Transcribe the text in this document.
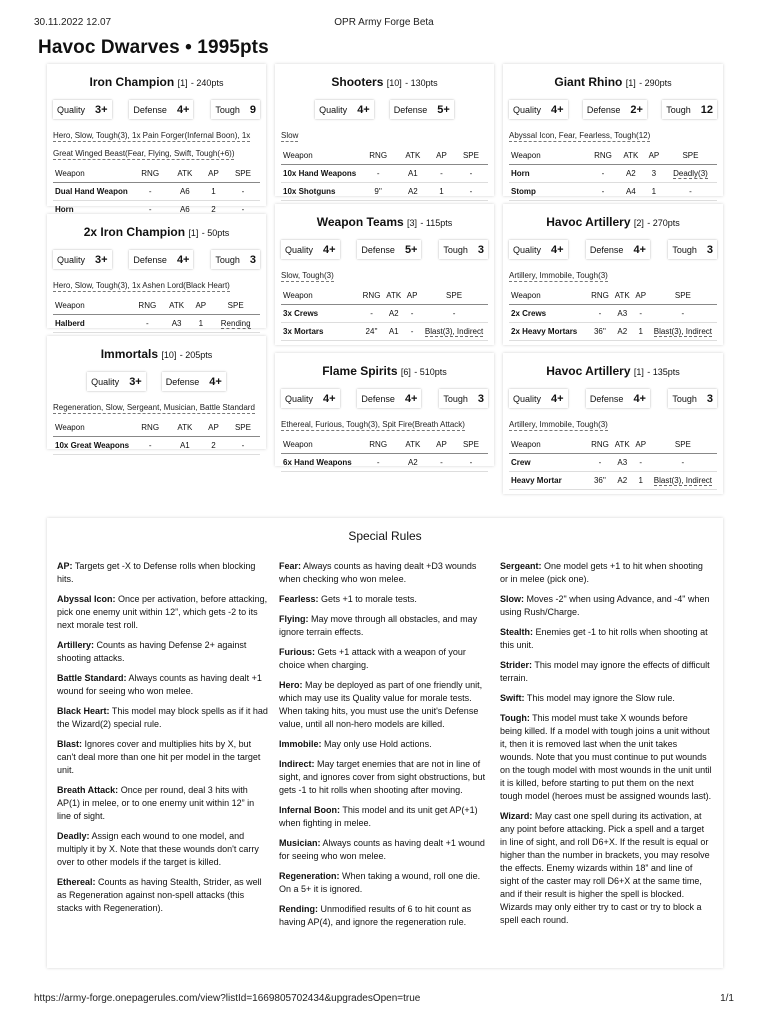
30.11.2022 12.07	OPR Army Forge Beta
Havoc Dwarves • 1995pts
Iron Champion [1] - 240pts
Quality 3+	Defense 4+	Tough 9
Hero, Slow, Tough(3), 1x Pain Forger(Infernal Boon), 1x Great Winged Beast(Fear, Flying, Swift, Tough(+6))
Weapon	RNG	ATK	AP	SPE
Dual Hand Weapon	-	A6	1	-
Horn	-	A6	2	-
2x Iron Champion [1] - 50pts
Quality 3+	Defense 4+	Tough 3
Hero, Slow, Tough(3), 1x Ashen Lord(Black Heart)
Weapon	RNG	ATK	AP	SPE
Halberd	-	A3	1	Rending
Immortals [10] - 205pts
Quality 3+	Defense 4+
Regeneration, Slow, Sergeant, Musician, Battle Standard
Weapon	RNG	ATK	AP	SPE
10x Great Weapons	-	A1	2	-
Shooters [10] - 130pts
Quality 4+	Defense 5+
Slow
Weapon	RNG	ATK	AP	SPE
10x Hand Weapons	-	A1	-	-
10x Shotguns	9''	A2	1	-
Weapon Teams [3] - 115pts
Quality 4+	Defense 5+	Tough 3
Slow, Tough(3)
Weapon	RNG	ATK	AP	SPE
3x Crews	-	A2	-	-
3x Mortars	24''	A1	-	Blast(3), Indirect
Flame Spirits [6] - 510pts
Quality 4+	Defense 4+	Tough 3
Ethereal, Furious, Tough(3), Spit Fire(Breath Attack)
Weapon	RNG	ATK	AP	SPE
6x Hand Weapons	-	A2	-	-
Giant Rhino [1] - 290pts
Quality 4+	Defense 2+	Tough 12
Abyssal Icon, Fear, Fearless, Tough(12)
Weapon	RNG	ATK	AP	SPE
Horn	-	A2	3	Deadly(3)
Stomp	-	A4	1	-
Havoc Artillery [2] - 270pts
Quality 4+	Defense 4+	Tough 3
Artillery, Immobile, Tough(3)
Weapon	RNG	ATK	AP	SPE
2x Crews	-	A3	-	-
2x Heavy Mortars	36''	A2	1	Blast(3), Indirect
Havoc Artillery [1] - 135pts
Quality 4+	Defense 4+	Tough 3
Artillery, Immobile, Tough(3)
Weapon	RNG	ATK	AP	SPE
Crew	-	A3	-	-
Heavy Mortar	36''	A2	1	Blast(3), Indirect
Special Rules

AP: Targets get -X to Defense rolls when blocking hits.

Abyssal Icon: Once per activation, before attacking, pick one enemy unit within 12”, which gets -2 to its next morale test roll.

Artillery: Counts as having Defense 2+ against shooting attacks.

Battle Standard: Always counts as having dealt +1 wound for seeing who won melee.

Black Heart: This model may block spells as if it had the Wizard(2) special rule.

Blast: Ignores cover and multiplies hits by X, but can't deal more than one hit per model in the target unit.

Breath Attack: Once per round, deal 3 hits with AP(1) in melee, or to one enemy unit within 12” in line of sight.

Deadly: Assign each wound to one model, and multiply it by X. Note that these wounds don't carry over to other models if the target is killed.

Ethereal: Counts as having Stealth, Strider, as well as Regeneration against non-spell attacks (this stacks with Regeneration).

Fear: Always counts as having dealt +D3 wounds when checking who won melee.

Fearless: Gets +1 to morale tests.

Flying: May move through all obstacles, and may ignore terrain effects.

Furious: Gets +1 attack with a weapon of your choice when charging.

Hero: May be deployed as part of one friendly unit, which may use its Quality value for morale tests. When taking hits, you must use the unit's Defense value, until all non-hero models are killed.

Immobile: May only use Hold actions.

Indirect: May target enemies that are not in line of sight, and ignores cover from sight obstructions, but gets -1 to hit rolls when shooting after moving.

Infernal Boon: This model and its unit get AP(+1) when fighting in melee.

Musician: Always counts as having dealt +1 wound for seeing who won melee.

Regeneration: When taking a wound, roll one die. On a 5+ it is ignored.

Rending: Unmodified results of 6 to hit count as having AP(4), and ignore the regeneration rule.

Sergeant: One model gets +1 to hit when shooting or in melee (pick one).

Slow: Moves -2" when using Advance, and -4" when using Rush/Charge.

Stealth: Enemies get -1 to hit rolls when shooting at this unit.

Strider: This model may ignore the effects of difficult terrain.

Swift: This model may ignore the Slow rule.

Tough: This model must take X wounds before being killed. If a model with tough joins a unit without it, then it is removed last when the unit takes wounds. Note that you must continue to put wounds on the tough model with most wounds in the unit until it is killed, before starting to put them on the next tough model (heroes must be assigned wounds last).

Wizard: May cast one spell during its activation, at any point before attacking. Pick a spell and a target in line of sight, and roll D6+X. If the result is equal or higher than the number in brackets, you may resolve the effects. Enemy wizards within 18” and line of sight of the caster may roll D6+X at the same time, and if their result is higher the spell is blocked. Wizards may only either try to cast or try to block a spell each round.

https://army-forge.onepagerules.com/view?listId=1669805702434&upgradesOpen=true	1/1
